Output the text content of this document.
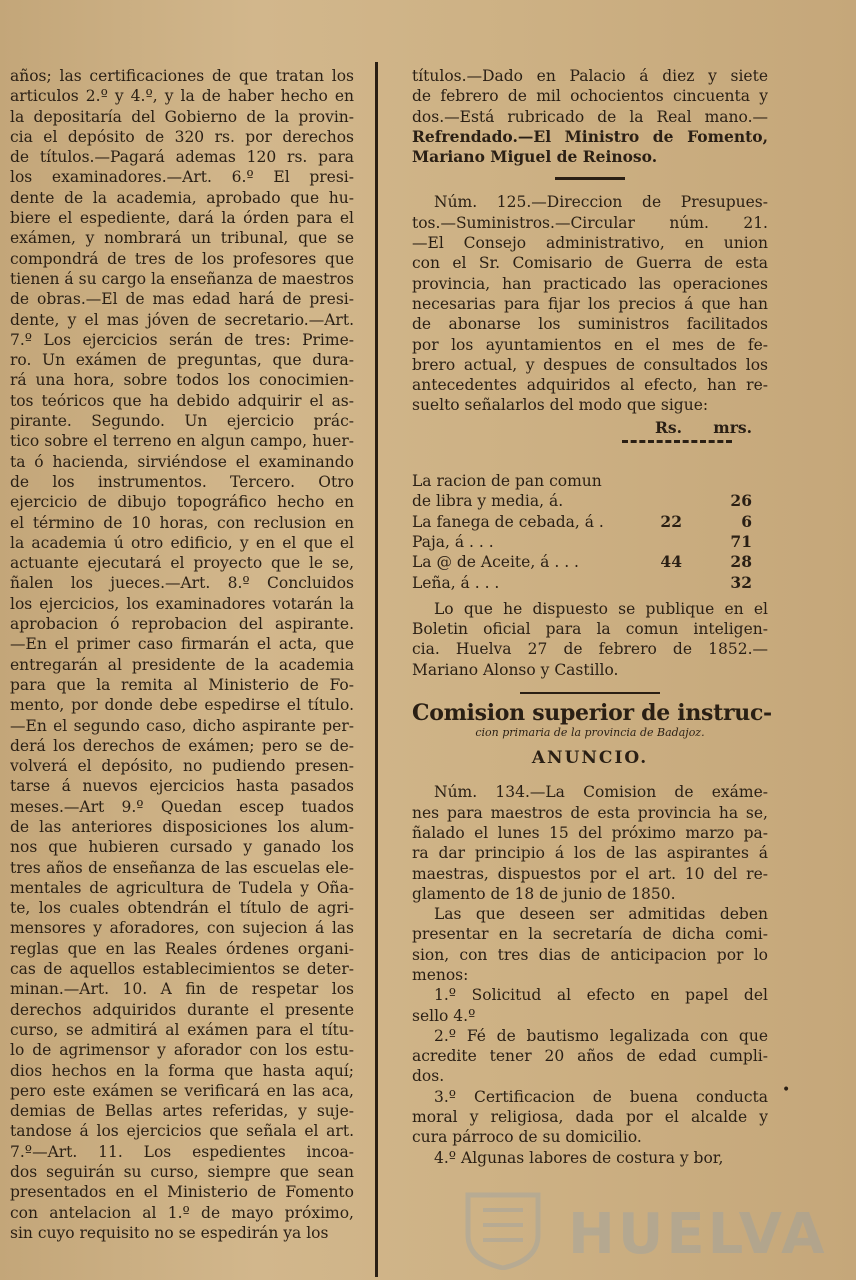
años; las certificaciones de que tratan los
articulos 2.º y 4.º, y la de haber hecho en
la depositaría del Gobierno de la provin-
cia el depósito de 320 rs. por derechos
de títulos.—Pagará ademas 120 rs. para
los examinadores.—Art. 6.º El presi-
dente de la academia, aprobado que hu-
biere el espediente, dará la órden para el
exámen, y nombrará un tribunal, que se
compondrá de tres de los profesores que
tienen á su cargo la enseñanza de maestros
de obras.—El de mas edad hará de presi-
dente, y el mas jóven de secretario.—Art.
7.º Los ejercicios serán de tres: Prime-
ro. Un exámen de preguntas, que dura-
rá una hora, sobre todos los conocimien-
tos teóricos que ha debido adquirir el as-
pirante. Segundo. Un ejercicio prác-
tico sobre el terreno en algun campo, huer-
ta ó hacienda, sirviéndose el examinando
de los instrumentos. Tercero. Otro
ejercicio de dibujo topográfico hecho en
el término de 10 horas, con reclusion en
la academia ú otro edificio, y en el que el
actuante ejecutará el proyecto que le se,
ñalen los jueces.—Art. 8.º Concluidos
los ejercicios, los examinadores votarán la
aprobacion ó reprobacion del aspirante.
—En el primer caso firmarán el acta, que
entregarán al presidente de la academia
para que la remita al Ministerio de Fo-
mento, por donde debe espedirse el título.
—En el segundo caso, dicho aspirante per-
derá los derechos de exámen; pero se de-
volverá el depósito, no pudiendo presen-
tarse á nuevos ejercicios hasta pasados
meses.—Art 9.º Quedan escep tuados
de las anteriores disposiciones los alum-
nos que hubieren cursado y ganado los
tres años de enseñanza de las escuelas ele-
mentales de agricultura de Tudela y Oña-
te, los cuales obtendrán el título de agri-
mensores y aforadores, con sujecion á las
reglas que en las Reales órdenes organi-
cas de aquellos establecimientos se deter-
minan.—Art. 10. A fin de respetar los
derechos adquiridos durante el presente
curso, se admitirá al exámen para el títu-
lo de agrimensor y aforador con los estu-
dios hechos en la forma que hasta aquí;
pero este exámen se verificará en las aca,
demias de Bellas artes referidas, y suje-
tandose á los ejercicios que señala el art.
7.º—Art. 11. Los espedientes incoa-
dos seguirán su curso, siempre que sean
presentados en el Ministerio de Fomento
con antelacion al 1.º de mayo próximo,
sin cuyo requisito no se espedirán ya los
títulos.—Dado en Palacio á diez y siete
de febrero de mil ochocientos cincuenta y
dos.—Está rubricado de la Real mano.—
Refrendado.—El Ministro de Fomento,
Mariano Miguel de Reinoso.
Núm. 125.—Direccion de Presupues-
tos.—Suministros.—Circular núm. 21.
—El Consejo administrativo, en union
con el Sr. Comisario de Guerra de esta
provincia, han practicado las operaciones
necesarias para fijar los precios á que han
de abonarse los suministros facilitados
por los ayuntamientos en el mes de fe-
brero actual, y despues de consultados los
antecedentes adquiridos al efecto, han re-
suelto señalarlos del modo que sigue:
	Rs.	mrs.
La racion de pan comun		
de libra y media, á.		26
La fanega de cebada, á .	22	6
Paja, á . . .		71
La @ de Aceite, á . . .	44	28
Leña, á . . .		32
Lo que he dispuesto se publique en el
Boletin oficial para la comun inteligen-
cia. Huelva 27 de febrero de 1852.—
Mariano Alonso y Castillo.
Comision superior de instruc-
cion primaria de la provincia de Badajoz.
ANUNCIO.
Núm. 134.—La Comision de exáme-
nes para maestros de esta provincia ha se,
ñalado el lunes 15 del próximo marzo pa-
ra dar principio á los de las aspirantes á
maestras, dispuestos por el art. 10 del re-
glamento de 18 de junio de 1850.
Las que deseen ser admitidas deben
presentar en la secretaría de dicha comi-
sion, con tres dias de anticipacion por lo
menos:
1.º Solicitud al efecto en papel del
sello 4.º
2.º Fé de bautismo legalizada con que
acredite tener 20 años de edad cumpli-
dos.
3.º Certificacion de buena conducta
moral y religiosa, dada por el alcalde y
cura párroco de su domicilio.
4.º Algunas labores de costura y bor,
•
HUELVA
